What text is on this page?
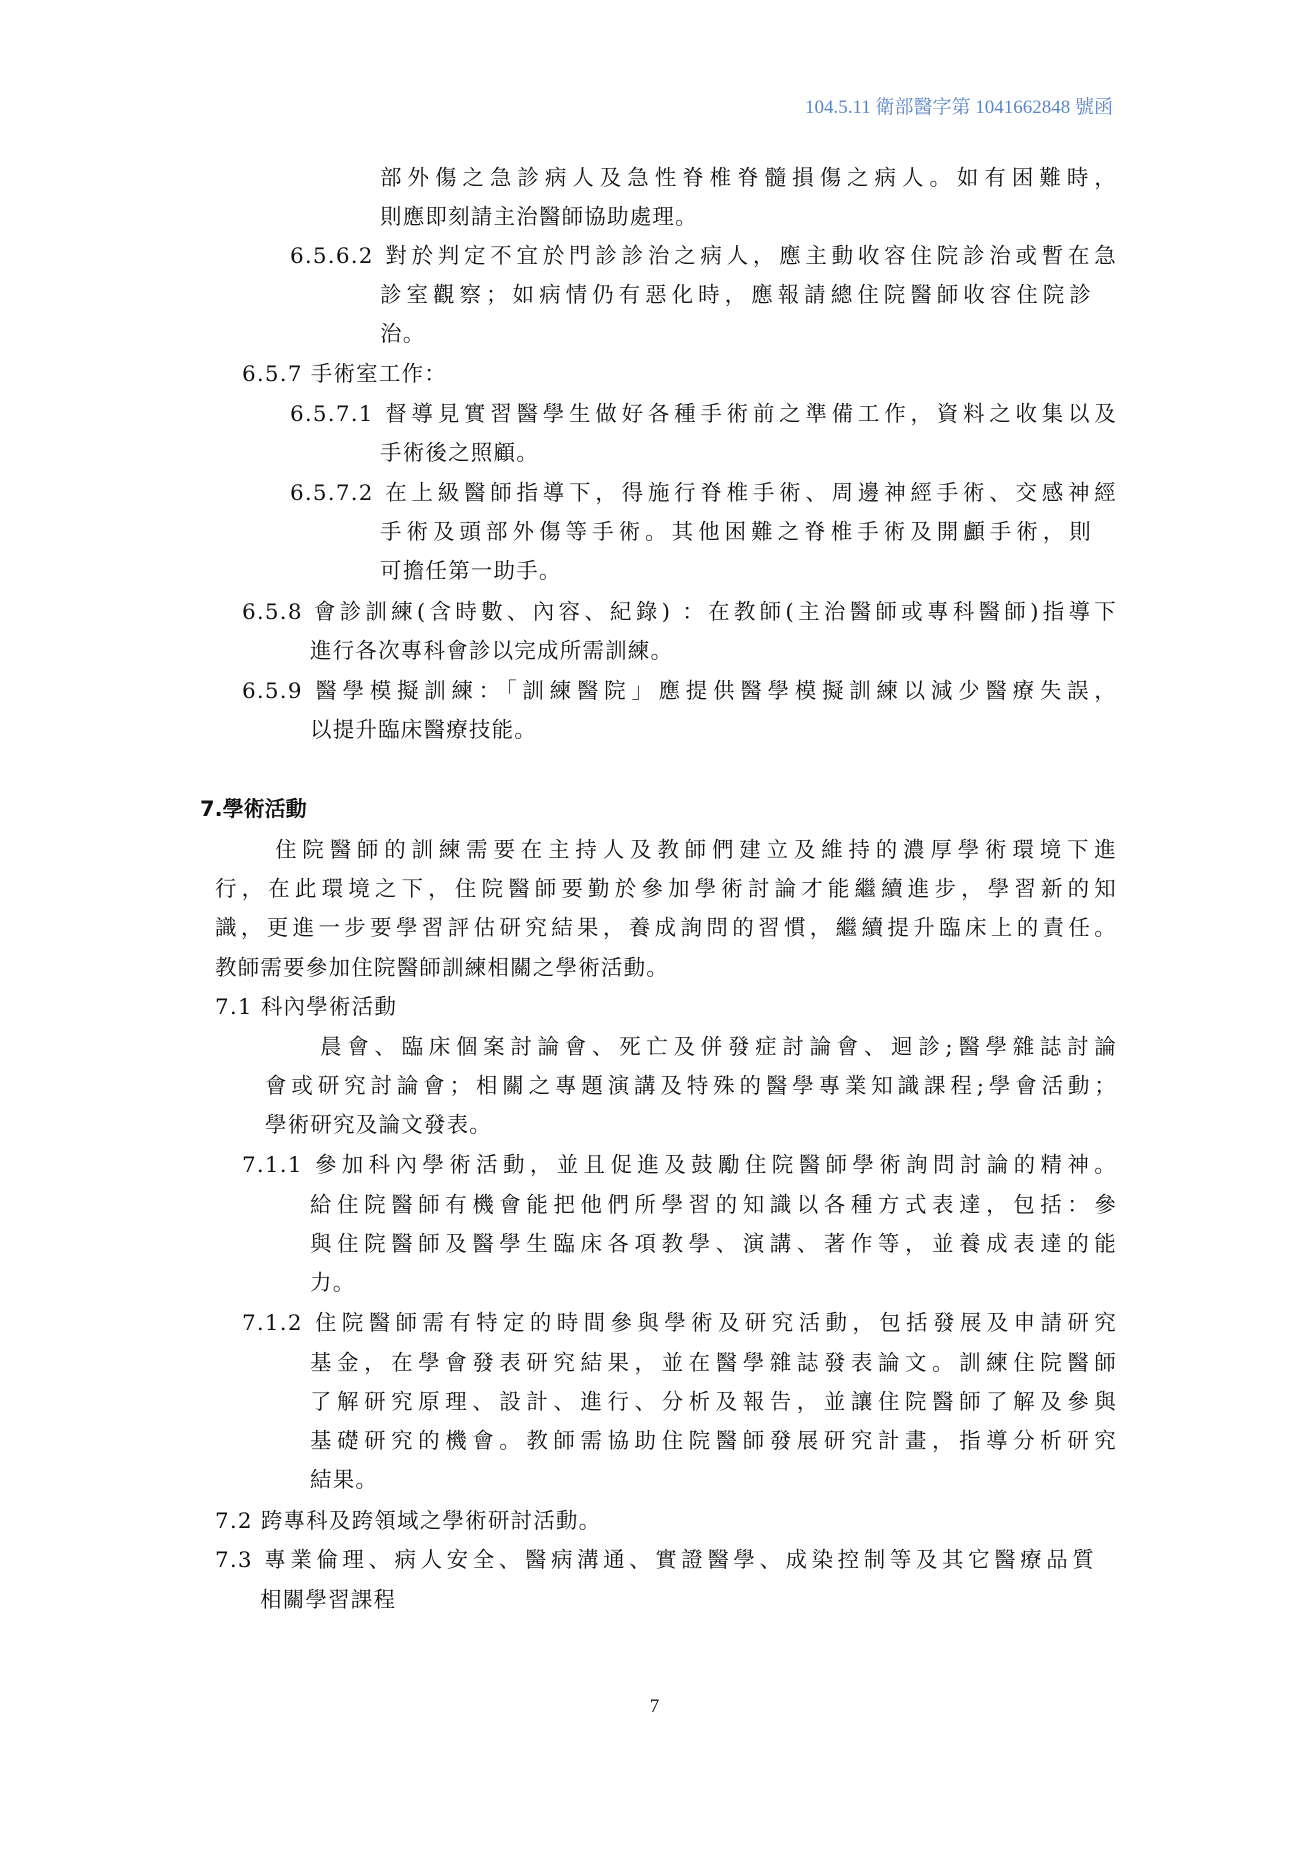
104.5.11 衛部醫字第 1041662848 號函
部外傷之急診病人及急性脊椎脊髓損傷之病人。如有困難時，
則應即刻請主治醫師協助處理。
6.5.6.2 對於判定不宜於門診診治之病人，應主動收容住院診治或暫在急
診室觀察；如病情仍有惡化時，應報請總住院醫師收容住院診
治。
6.5.7 手術室工作：
6.5.7.1 督導見實習醫學生做好各種手術前之準備工作，資料之收集以及
手術後之照顧。
6.5.7.2 在上級醫師指導下，得施行脊椎手術、周邊神經手術、交感神經
手術及頭部外傷等手術。其他困難之脊椎手術及開顱手術，則
可擔任第一助手。
6.5.8 會診訓練(含時數、內容、紀錄) ：在教師(主治醫師或專科醫師)指導下
進行各次專科會診以完成所需訓練。
6.5.9 醫學模擬訓練：「訓練醫院」應提供醫學模擬訓練以減少醫療失誤，
以提升臨床醫療技能。
7.學術活動
住院醫師的訓練需要在主持人及教師們建立及維持的濃厚學術環境下進
行，在此環境之下，住院醫師要勤於參加學術討論才能繼續進步，學習新的知
識，更進一步要學習評估研究結果，養成詢問的習慣，繼續提升臨床上的責任。
教師需要參加住院醫師訓練相關之學術活動。
7.1 科內學術活動
晨會、臨床個案討論會、死亡及併發症討論會、迴診;醫學雜誌討論
會或研究討論會；相關之專題演講及特殊的醫學專業知識課程;學會活動；
學術研究及論文發表。
7.1.1 參加科內學術活動，並且促進及鼓勵住院醫師學術詢問討論的精神。
給住院醫師有機會能把他們所學習的知識以各種方式表達，包括：參
與住院醫師及醫學生臨床各項教學、演講、著作等，並養成表達的能
力。
7.1.2 住院醫師需有特定的時間參與學術及研究活動，包括發展及申請研究
基金，在學會發表研究結果，並在醫學雜誌發表論文。訓練住院醫師
了解研究原理、設計、進行、分析及報告，並讓住院醫師了解及參與
基礎研究的機會。教師需協助住院醫師發展研究計畫，指導分析研究
結果。
7.2 跨專科及跨領域之學術研討活動。
7.3 專業倫理、病人安全、醫病溝通、實證醫學、成染控制等及其它醫療品質
相關學習課程
7
